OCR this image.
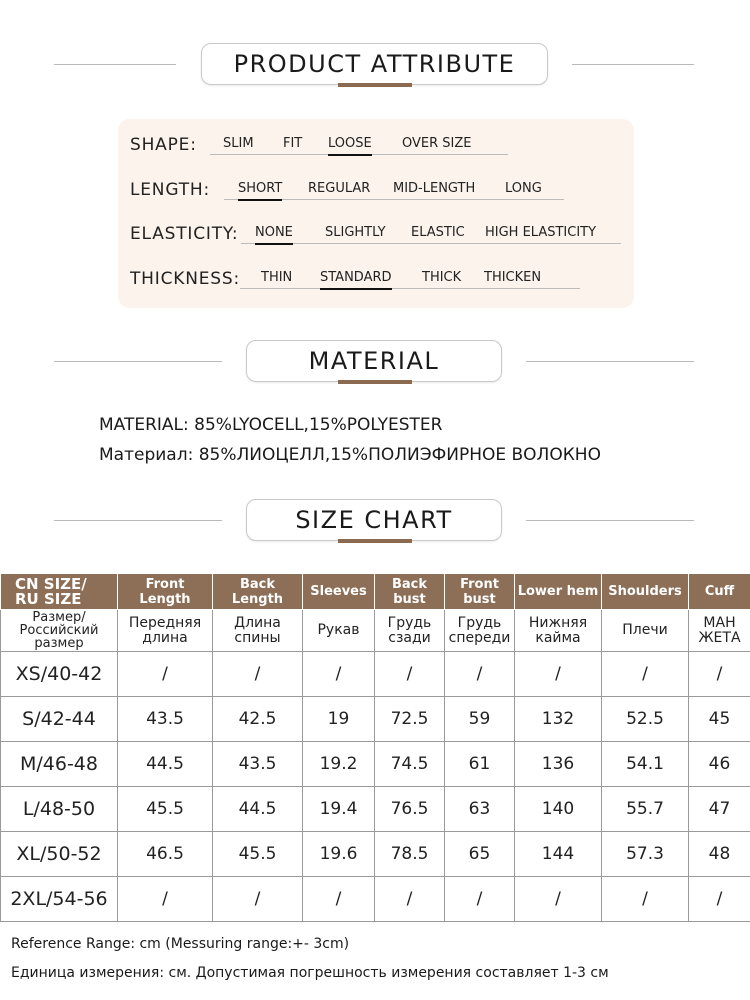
PRODUCT ATTRIBUTE
SHAPE: SLIM FIT LOOSE OVER SIZE
LENGTH: SHORT REGULAR MID-LENGTH LONG
ELASTICITY: NONE SLIGHTLY ELASTIC HIGH ELASTICITY
THICKNESS: THIN STANDARD THICK THICKEN
MATERIAL
MATERIAL: 85%LYOCELL,15%POLYESTER
Материал: 85%ЛИОЦЕЛЛ,15%ПОЛИЭФИРНОЕ ВОЛОКНО
SIZE CHART
CN SIZE/ RU SIZE	Front Length	Back Length	Sleeves	Back bust	Front bust	Lower hem	Shoulders	Cuff
Размер/ Российский размер	Передняя длина	Длина спины	Рукав	Грудь сзади	Грудь спереди	Нижняя кайма	Плечи	МАН ЖЕТА
XS/40-42	/	/	/	/	/	/	/	/
S/42-44	43.5	42.5	19	72.5	59	132	52.5	45
M/46-48	44.5	43.5	19.2	74.5	61	136	54.1	46
L/48-50	45.5	44.5	19.4	76.5	63	140	55.7	47
XL/50-52	46.5	45.5	19.6	78.5	65	144	57.3	48
2XL/54-56	/	/	/	/	/	/	/	/
Reference Range: cm (Messuring range:+- 3cm)
Единица измерения: см. Допустимая погрешность измерения составляет 1-3 см
